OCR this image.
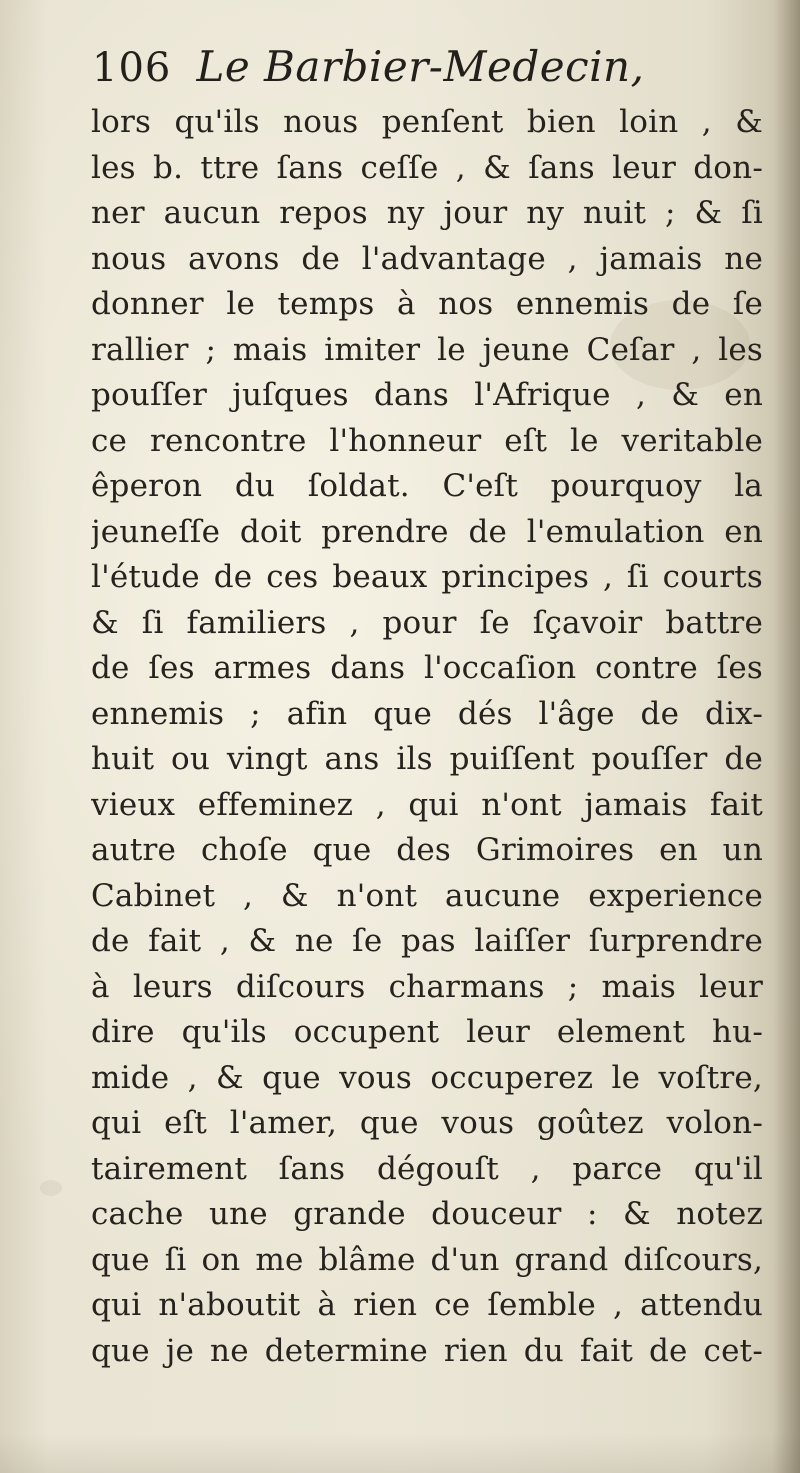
106 Le Barbier-Medecin,
lors qu'ils nous penſent bien loin , &
les b. ttre ſans ceſſe , & ſans leur don-
ner aucun repos ny jour ny nuit ; & ſi
nous avons de l'advantage , jamais ne
donner le temps à nos ennemis de ſe
rallier ; mais imiter le jeune Ceſar , les
pouſſer juſques dans l'Afrique , & en
ce rencontre l'honneur eſt le veritable
êperon du ſoldat. C'eſt pourquoy la
jeuneſſe doit prendre de l'emulation en
l'étude de ces beaux principes , ſi courts
& ſi familiers , pour ſe ſçavoir battre
de ſes armes dans l'occaſion contre ſes
ennemis ; afin que dés l'âge de dix-
huit ou vingt ans ils puiſſent pouſſer de
vieux effeminez , qui n'ont jamais fait
autre choſe que des Grimoires en un
Cabinet , & n'ont aucune experience
de fait , & ne ſe pas laiſſer ſurprendre
à leurs diſcours charmans ; mais leur
dire qu'ils occupent leur element hu-
mide , & que vous occuperez le voſtre,
qui eſt l'amer, que vous goûtez volon-
tairement ſans dégouſt , parce qu'il
cache une grande douceur : & notez
que ſi on me blâme d'un grand diſcours,
qui n'aboutit à rien ce ſemble , attendu
que je ne determine rien du fait de cet-
